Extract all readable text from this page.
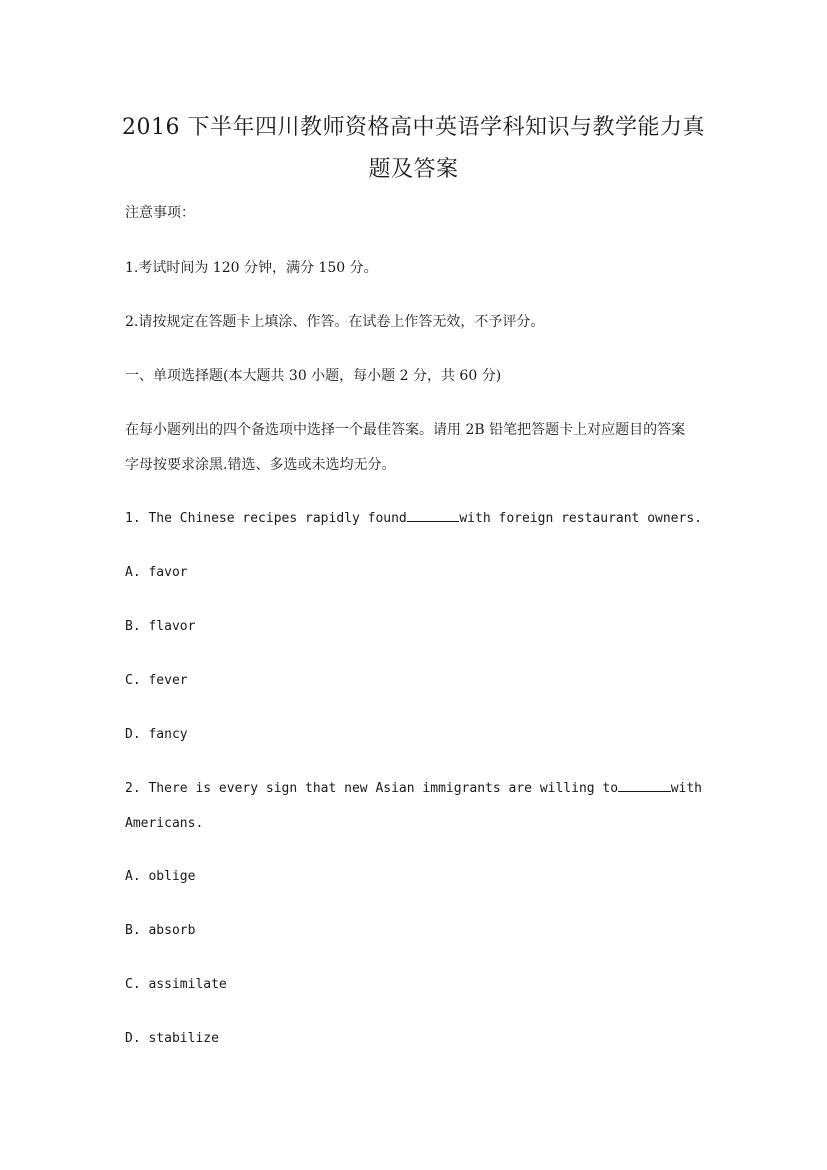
2016 下半年四川教师资格高中英语学科知识与教学能力真
题及答案
注意事项：
1.考试时间为 120 分钟，满分 150 分。
2.请按规定在答题卡上填涂、作答。在试卷上作答无效，不予评分。
一、单项选择题(本大题共 30 小题，每小题 2 分，共 60 分)
在每小题列出的四个备选项中选择一个最佳答案。请用 2B 铅笔把答题卡上对应题目的答案
字母按要求涂黑.错选、多选或未选均无分。
1. The Chinese recipes rapidly found	with foreign restaurant owners.
A. favor
B. flavor
C. fever
D. fancy
2. There is every sign that new Asian immigrants are willing to	with
Americans.
A. oblige
B. absorb
C. assimilate
D. stabilize
